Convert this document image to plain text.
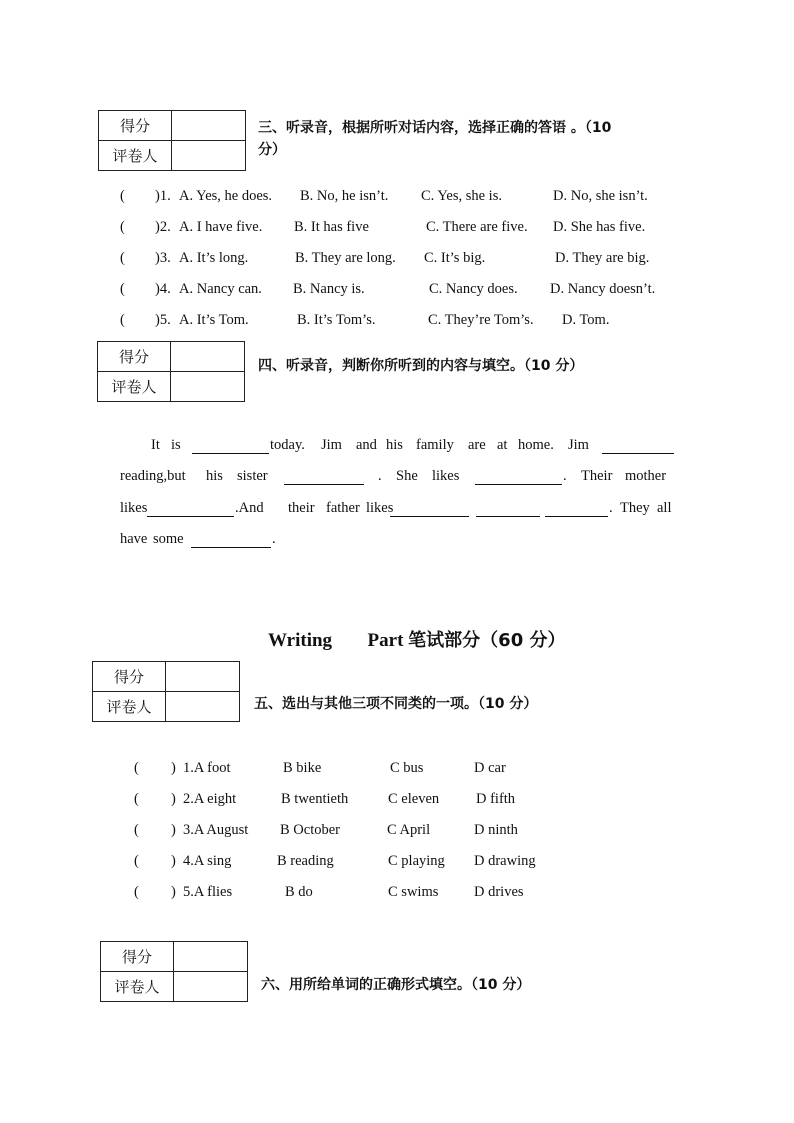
得分	
评卷人	
三、听录音，根据所听对话内容，选择正确的答语 。（10
分）
( )1. A. Yes, he does. B. No, he isn’t. C. Yes, she is.	D. No, she isn’t.
( )2. A. I have five. B. It has five	C. There are five. D. She has five.
( )3. A. It’s long.	B. They are long. C. It’s big.	D. They are big.
( )4. A. Nancy can. B. Nancy is.	C. Nancy does. D. Nancy doesn’t.
( )5. A. It’s Tom.	B. It’s Tom’s.	C. They’re Tom’s. D. Tom.
得分	
评卷人	
四、听录音，判断你所听到的内容与填空。（10 分）
It is	today. Jim and his family are at home. Jim
reading,but his sister	. She likes	. Their mother
likes	.And their father likes	. They all
have some	.
Writing Part 笔试部分（60 分）
得分	
评卷人		五、选出与其他三项不同类的一项。（10 分）
( ) 1.A foot	B bike	C bus	D car
( ) 2.A eight	B twentieth	C eleven	D fifth
( ) 3.A August B October	C April	D ninth
( ) 4.A sing	B reading	C playing D drawing
( ) 5.A flies	B do	C swims D drives
得分	
评卷人		六、用所给单词的正确形式填空。（10 分）
